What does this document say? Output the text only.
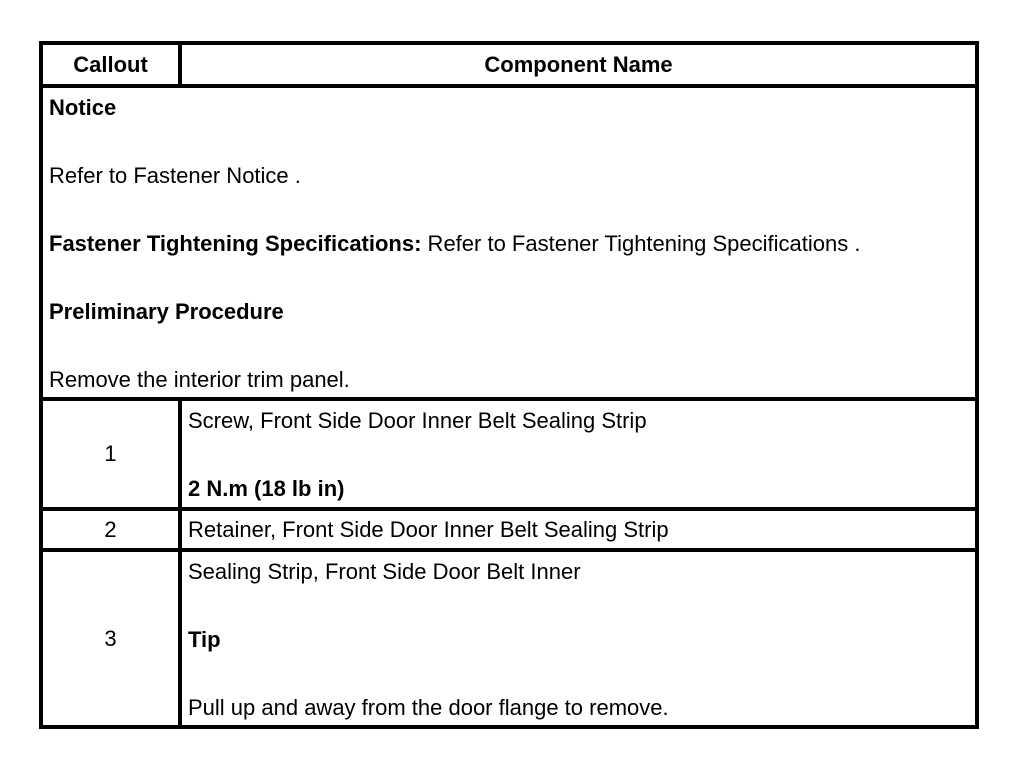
Callout	Component Name

Notice
Refer to Fastener Notice .
Fastener Tightening Specifications: Refer to Fastener Tightening Specifications .
Preliminary Procedure
Remove the interior trim panel.	

1	Screw, Front Side Door Inner Belt Sealing Strip
2 N.m (18 lb in)

2	Retainer, Front Side Door Inner Belt Sealing Strip

3	Sealing Strip, Front Side Door Belt Inner
Tip
Pull up and away from the door flange to remove.
